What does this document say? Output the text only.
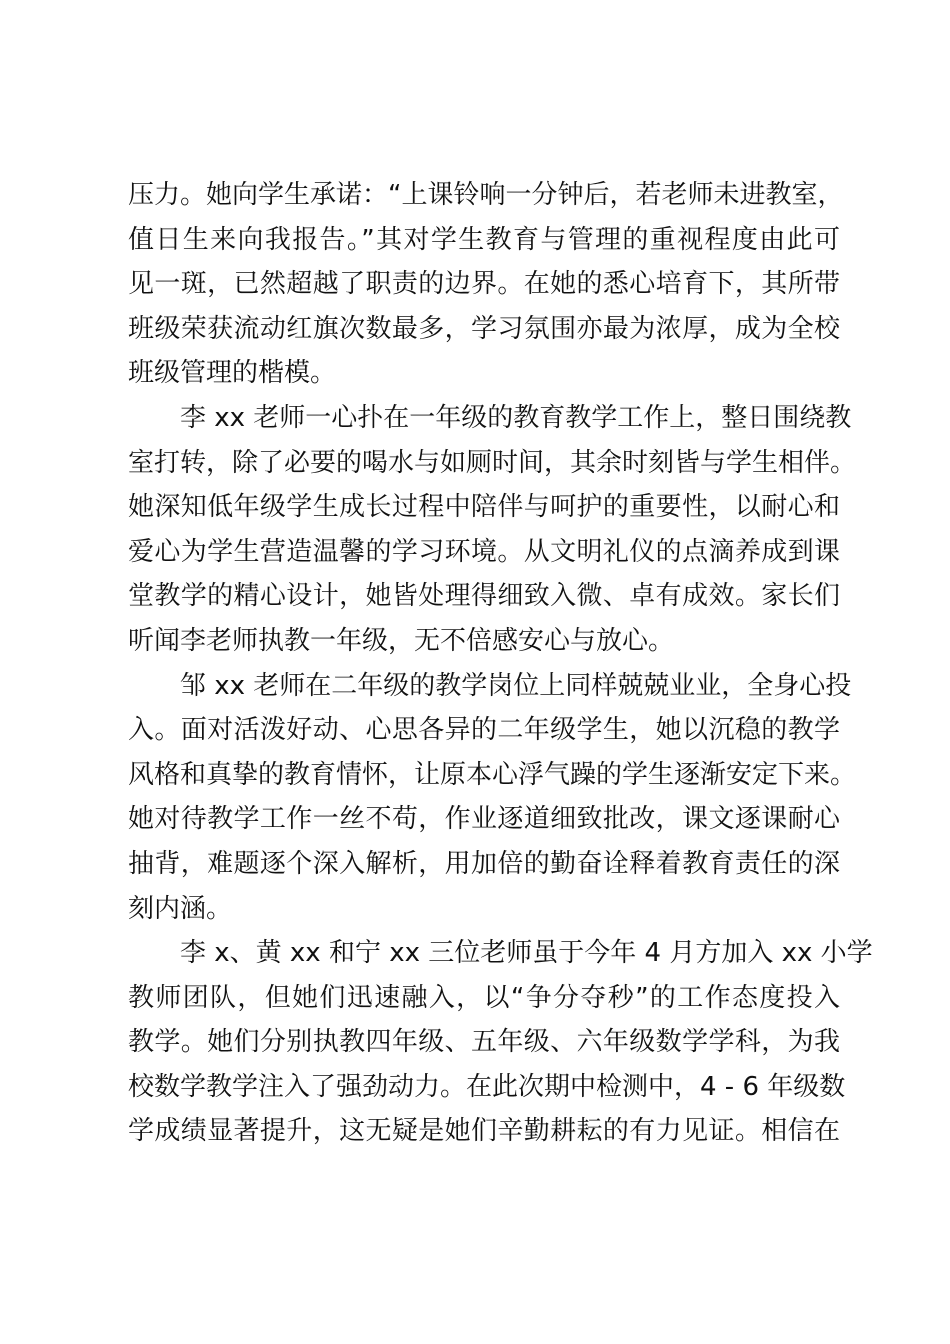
压力。她向学生承诺：“上课铃响一分钟后，若老师未进教室，
值日生来向我报告。”其对学生教育与管理的重视程度由此可
见一斑，已然超越了职责的边界。在她的悉心培育下，其所带
班级荣获流动红旗次数最多，学习氛围亦最为浓厚，成为全校
班级管理的楷模。
李 xx 老师一心扑在一年级的教育教学工作上，整日围绕教
室打转，除了必要的喝水与如厕时间，其余时刻皆与学生相伴。
她深知低年级学生成长过程中陪伴与呵护的重要性，以耐心和
爱心为学生营造温馨的学习环境。从文明礼仪的点滴养成到课
堂教学的精心设计，她皆处理得细致入微、卓有成效。家长们
听闻李老师执教一年级，无不倍感安心与放心。
邹 xx 老师在二年级的教学岗位上同样兢兢业业，全身心投
入。面对活泼好动、心思各异的二年级学生，她以沉稳的教学
风格和真挚的教育情怀，让原本心浮气躁的学生逐渐安定下来。
她对待教学工作一丝不苟，作业逐道细致批改，课文逐课耐心
抽背，难题逐个深入解析，用加倍的勤奋诠释着教育责任的深
刻内涵。
李 x、黄 xx 和宁 xx 三位老师虽于今年 4 月方加入 xx 小学
教师团队，但她们迅速融入，以“争分夺秒”的工作态度投入
教学。她们分别执教四年级、五年级、六年级数学学科，为我
校数学教学注入了强劲动力。在此次期中检测中，4 - 6 年级数
学成绩显著提升，这无疑是她们辛勤耕耘的有力见证。相信在
